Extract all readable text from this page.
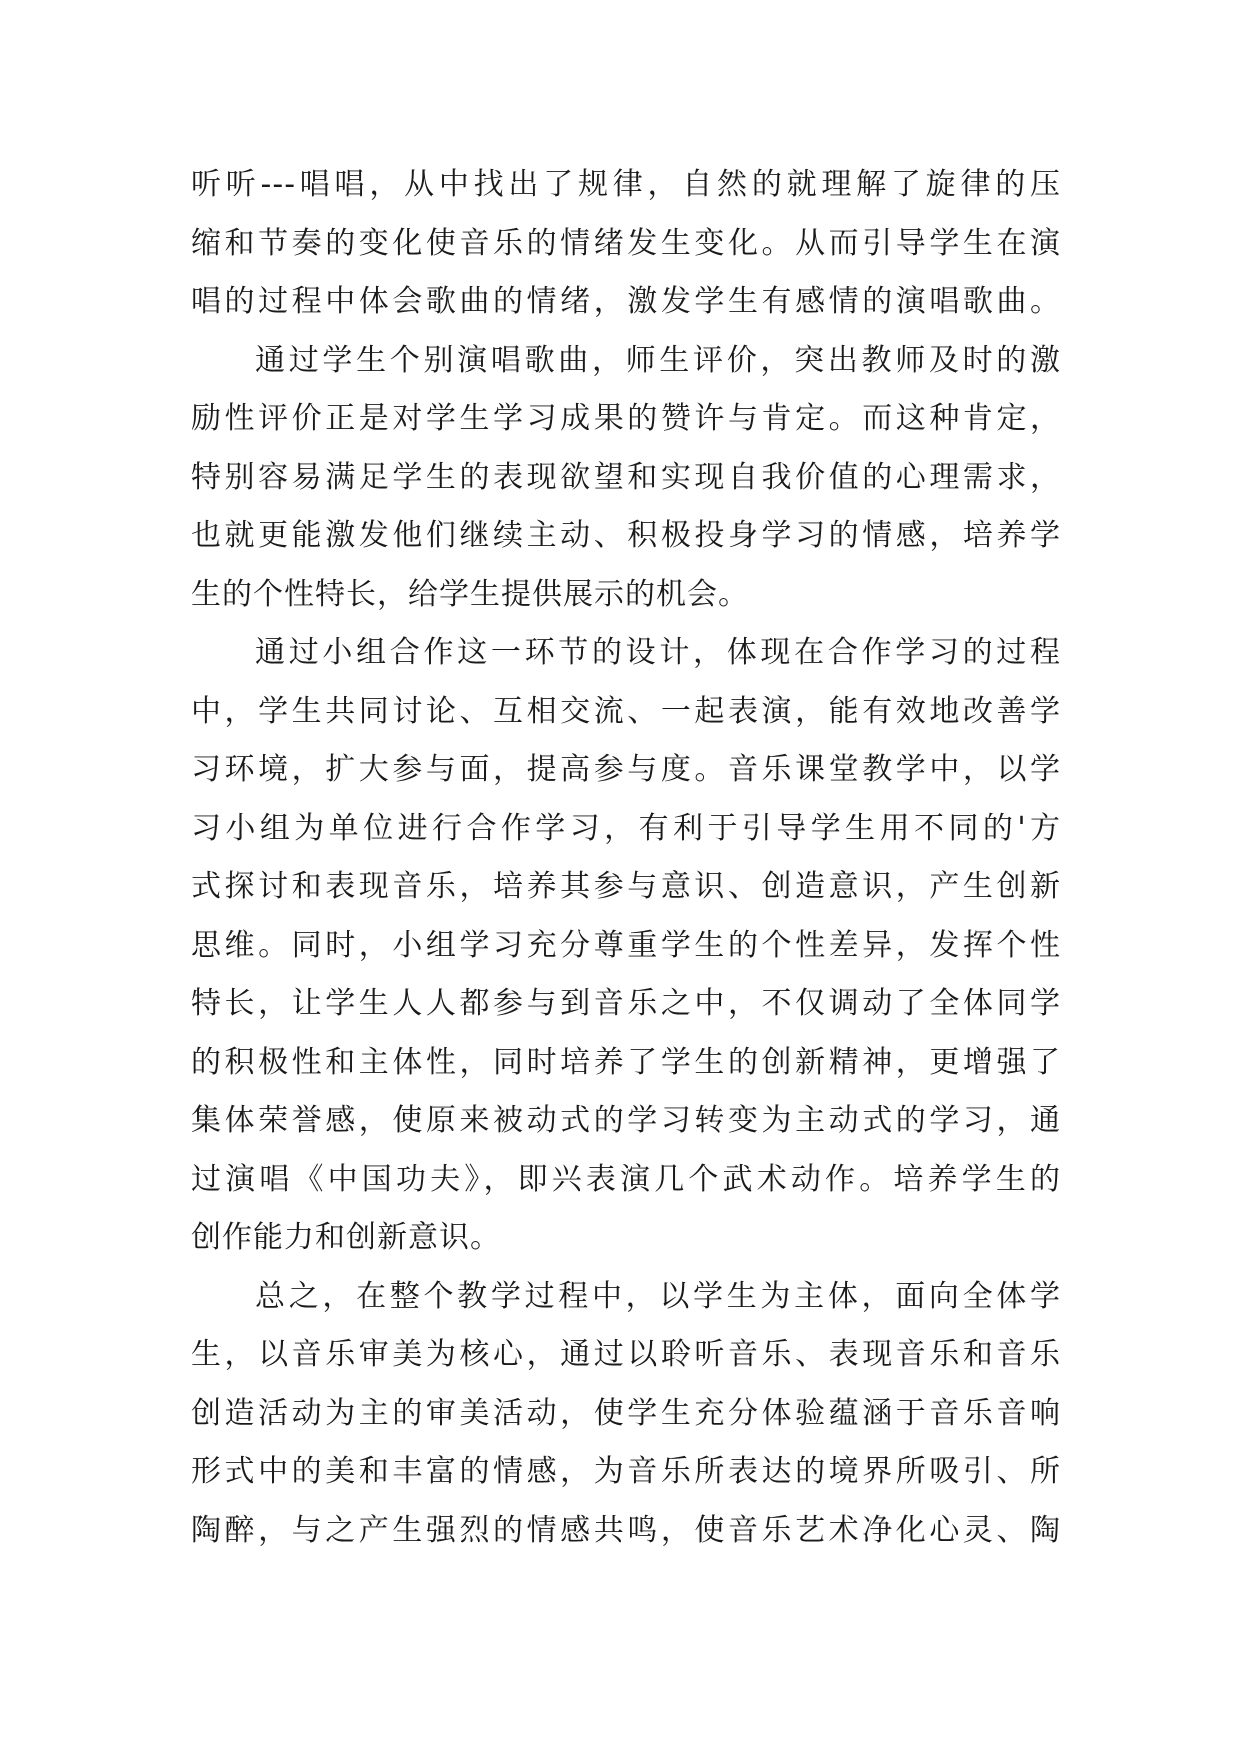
听听---唱唱，从中找出了规律，自然的就理解了旋律的压
缩和节奏的变化使音乐的情绪发生变化。从而引导学生在演
唱的过程中体会歌曲的情绪，激发学生有感情的演唱歌曲。
通过学生个别演唱歌曲，师生评价，突出教师及时的激
励性评价正是对学生学习成果的赞许与肯定。而这种肯定，
特别容易满足学生的表现欲望和实现自我价值的心理需求，
也就更能激发他们继续主动、积极投身学习的情感，培养学
生的个性特长，给学生提供展示的机会。
通过小组合作这一环节的设计，体现在合作学习的过程
中，学生共同讨论、互相交流、一起表演，能有效地改善学
习环境，扩大参与面，提高参与度。音乐课堂教学中，以学
习小组为单位进行合作学习，有利于引导学生用不同的'方
式探讨和表现音乐，培养其参与意识、创造意识，产生创新
思维。同时，小组学习充分尊重学生的个性差异，发挥个性
特长，让学生人人都参与到音乐之中，不仅调动了全体同学
的积极性和主体性，同时培养了学生的创新精神，更增强了
集体荣誉感，使原来被动式的学习转变为主动式的学习，通
过演唱《中国功夫》，即兴表演几个武术动作。培养学生的
创作能力和创新意识。
总之，在整个教学过程中，以学生为主体，面向全体学
生，以音乐审美为核心，通过以聆听音乐、表现音乐和音乐
创造活动为主的审美活动，使学生充分体验蕴涵于音乐音响
形式中的美和丰富的情感，为音乐所表达的境界所吸引、所
陶醉，与之产生强烈的情感共鸣，使音乐艺术净化心灵、陶
